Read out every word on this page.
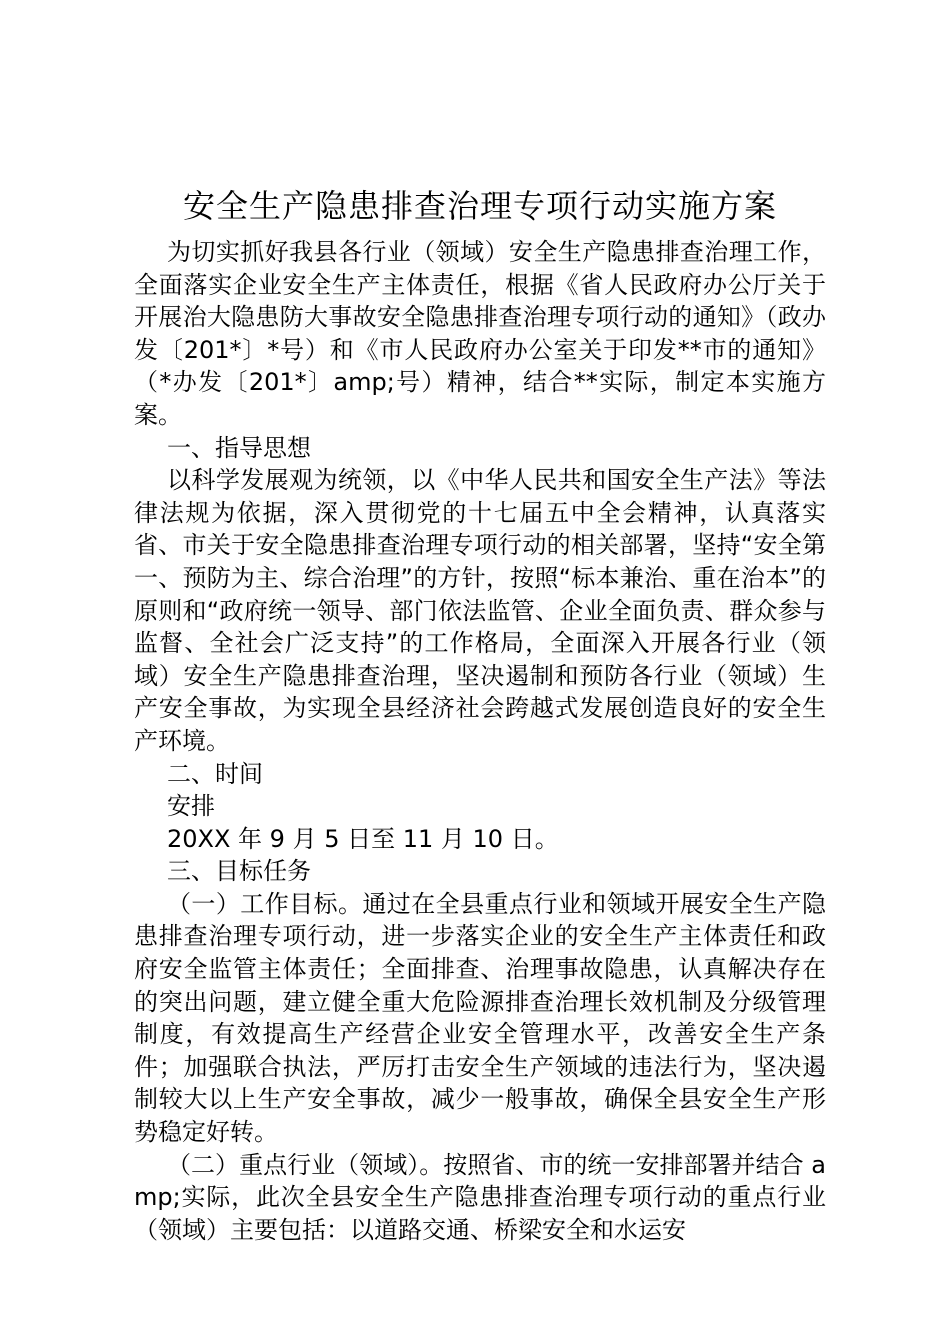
安全生产隐患排查治理专项行动实施方案

为切实抓好我县各行业（领域）安全生产隐患排查治理工作，全面落实企业安全生产主体责任，根据《省人民政府办公厅关于开展治大隐患防大事故安全隐患排查治理专项行动的通知》（政办发〔201*〕*号）和《市人民政府办公室关于印发**市的通知》（*办发〔201*〕amp;号）精神，结合**实际，制定本实施方案。

一、指导思想

以科学发展观为统领，以《中华人民共和国安全生产法》等法律法规为依据，深入贯彻党的十七届五中全会精神，认真落实省、市关于安全隐患排查治理专项行动的相关部署，坚持“安全第一、预防为主、综合治理”的方针，按照“标本兼治、重在治本”的原则和“政府统一领导、部门依法监管、企业全面负责、群众参与监督、全社会广泛支持”的工作格局，全面深入开展各行业（领域）安全生产隐患排查治理，坚决遏制和预防各行业（领域）生产安全事故，为实现全县经济社会跨越式发展创造良好的安全生产环境。

二、时间

安排

20XX 年 9 月 5 日至 11 月 10 日。

三、目标任务

（一）工作目标。通过在全县重点行业和领域开展安全生产隐患排查治理专项行动，进一步落实企业的安全生产主体责任和政府安全监管主体责任；全面排查、治理事故隐患，认真解决存在的突出问题，建立健全重大危险源排查治理长效机制及分级管理制度，有效提高生产经营企业安全管理水平，改善安全生产条件；加强联合执法，严厉打击安全生产领域的违法行为，坚决遏制较大以上生产安全事故，减少一般事故，确保全县安全生产形势稳定好转。

（二）重点行业（领域）。按照省、市的统一安排部署并结合 amp;实际，此次全县安全生产隐患排查治理专项行动的重点行业（领域）主要包括：以道路交通、桥梁安全和水运安
